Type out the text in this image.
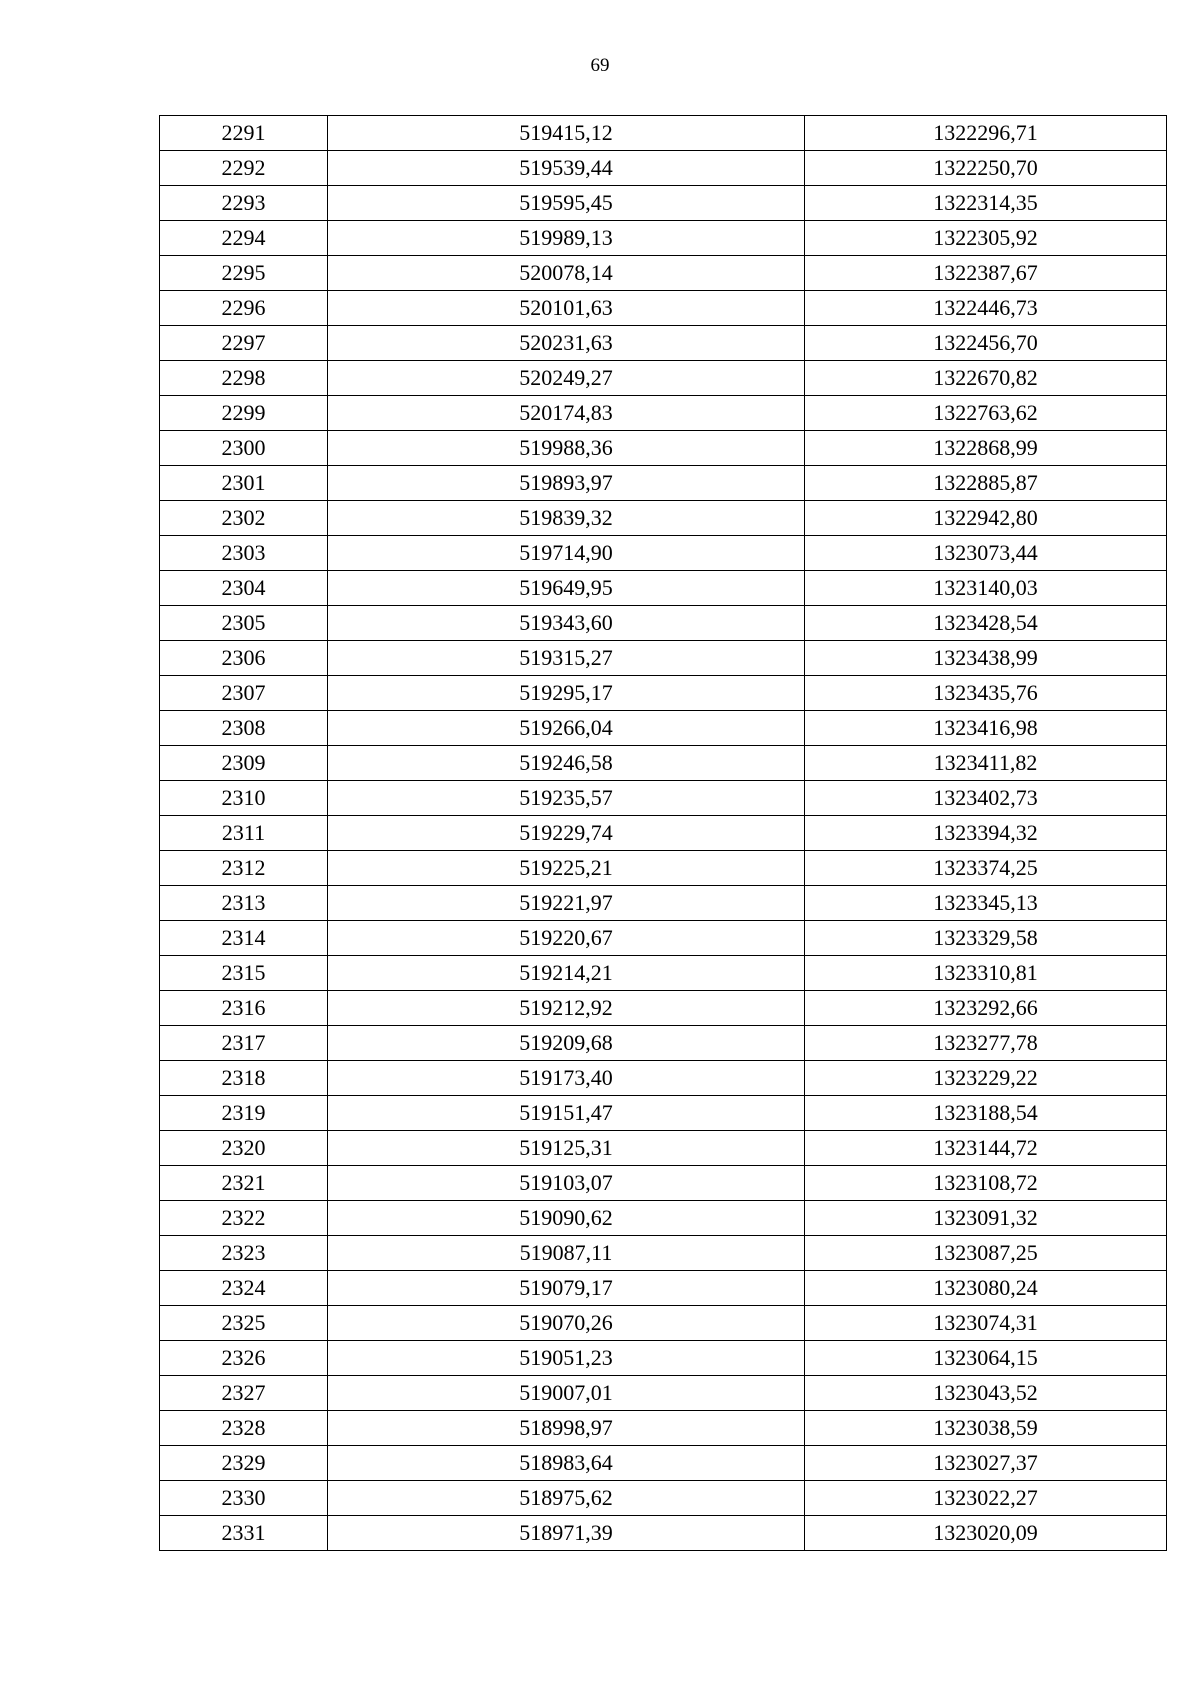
69
2291	519415,12	1322296,71
2292	519539,44	1322250,70
2293	519595,45	1322314,35
2294	519989,13	1322305,92
2295	520078,14	1322387,67
2296	520101,63	1322446,73
2297	520231,63	1322456,70
2298	520249,27	1322670,82
2299	520174,83	1322763,62
2300	519988,36	1322868,99
2301	519893,97	1322885,87
2302	519839,32	1322942,80
2303	519714,90	1323073,44
2304	519649,95	1323140,03
2305	519343,60	1323428,54
2306	519315,27	1323438,99
2307	519295,17	1323435,76
2308	519266,04	1323416,98
2309	519246,58	1323411,82
2310	519235,57	1323402,73
2311	519229,74	1323394,32
2312	519225,21	1323374,25
2313	519221,97	1323345,13
2314	519220,67	1323329,58
2315	519214,21	1323310,81
2316	519212,92	1323292,66
2317	519209,68	1323277,78
2318	519173,40	1323229,22
2319	519151,47	1323188,54
2320	519125,31	1323144,72
2321	519103,07	1323108,72
2322	519090,62	1323091,32
2323	519087,11	1323087,25
2324	519079,17	1323080,24
2325	519070,26	1323074,31
2326	519051,23	1323064,15
2327	519007,01	1323043,52
2328	518998,97	1323038,59
2329	518983,64	1323027,37
2330	518975,62	1323022,27
2331	518971,39	1323020,09
